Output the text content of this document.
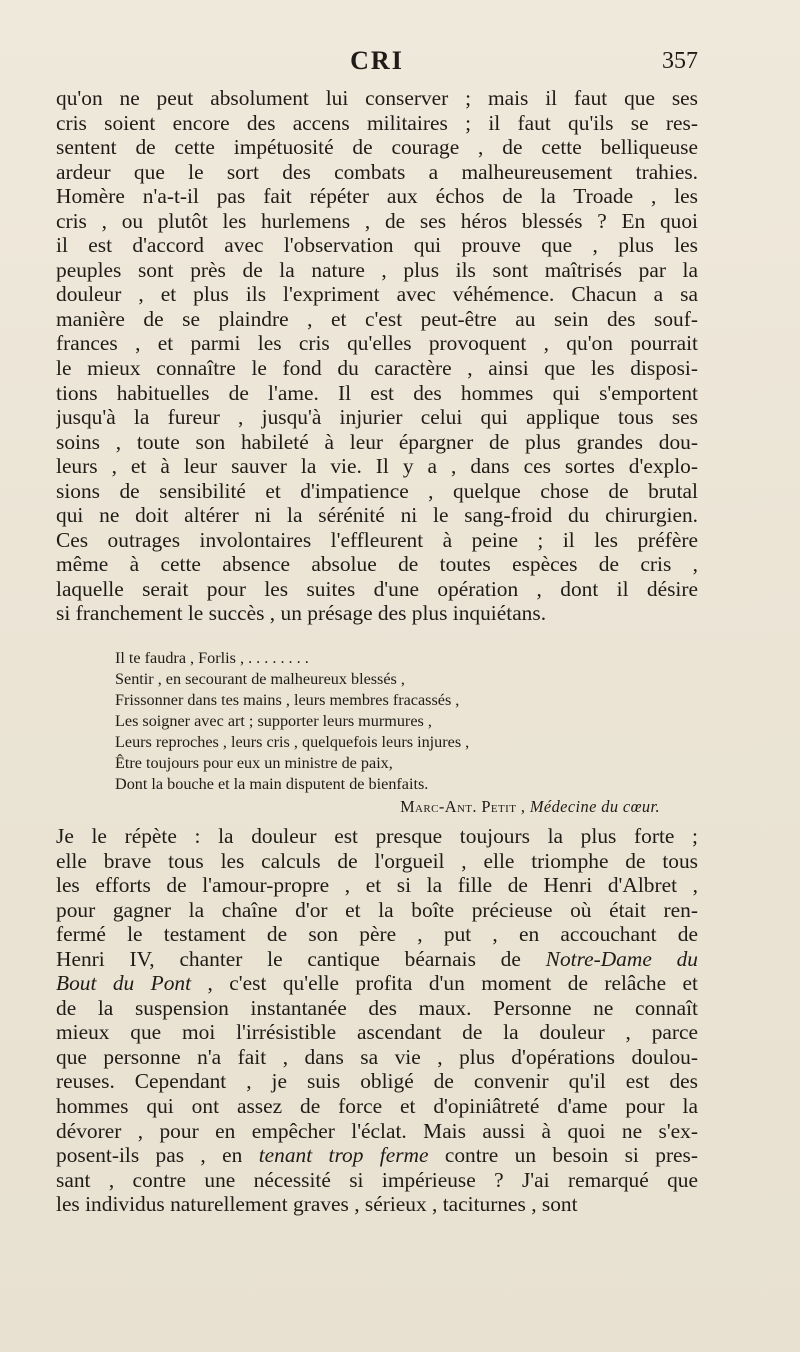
CRI	357
qu'on ne peut absolument lui conserver ; mais il faut que ses
cris soient encore des accens militaires ; il faut qu'ils se res-
sentent de cette impétuosité de courage , de cette belliqueuse
ardeur que le sort des combats a malheureusement trahies.
Homère n'a-t-il pas fait répéter aux échos de la Troade , les
cris , ou plutôt les hurlemens , de ses héros blessés ? En quoi
il est d'accord avec l'observation qui prouve que , plus les
peuples sont près de la nature , plus ils sont maîtrisés par la
douleur , et plus ils l'expriment avec véhémence. Chacun a sa
manière de se plaindre , et c'est peut-être au sein des souf-
frances , et parmi les cris qu'elles provoquent , qu'on pourrait
le mieux connaître le fond du caractère , ainsi que les disposi-
tions habituelles de l'ame. Il est des hommes qui s'emportent
jusqu'à la fureur , jusqu'à injurier celui qui applique tous ses
soins , toute son habileté à leur épargner de plus grandes dou-
leurs , et à leur sauver la vie. Il y a , dans ces sortes d'explo-
sions de sensibilité et d'impatience , quelque chose de brutal
qui ne doit altérer ni la sérénité ni le sang-froid du chirurgien.
Ces outrages involontaires l'effleurent à peine ; il les préfère
même à cette absence absolue de toutes espèces de cris ,
laquelle serait pour les suites d'une opération , dont il désire
si franchement le succès , un présage des plus inquiétans.
Il te faudra , Forlis , . . . . . . . .
Sentir , en secourant de malheureux blessés ,
Frissonner dans tes mains , leurs membres fracassés ,
Les soigner avec art ; supporter leurs murmures ,
Leurs reproches , leurs cris , quelquefois leurs injures ,
Être toujours pour eux un ministre de paix,
Dont la bouche et la main disputent de bienfaits.
Marc-Ant. Petit , Médecine du cœur.
Je le répète : la douleur est presque toujours la plus forte ;
elle brave tous les calculs de l'orgueil , elle triomphe de tous
les efforts de l'amour-propre , et si la fille de Henri d'Albret ,
pour gagner la chaîne d'or et la boîte précieuse où était ren-
fermé le testament de son père , put , en accouchant de
Henri IV, chanter le cantique béarnais de Notre-Dame du
Bout du Pont , c'est qu'elle profita d'un moment de relâche et
de la suspension instantanée des maux. Personne ne connaît
mieux que moi l'irrésistible ascendant de la douleur , parce
que personne n'a fait , dans sa vie , plus d'opérations doulou-
reuses. Cependant , je suis obligé de convenir qu'il est des
hommes qui ont assez de force et d'opiniâtreté d'ame pour la
dévorer , pour en empêcher l'éclat. Mais aussi à quoi ne s'ex-
posent-ils pas , en tenant trop ferme contre un besoin si pres-
sant , contre une nécessité si impérieuse ? J'ai remarqué que
les individus naturellement graves , sérieux , taciturnes , sont
